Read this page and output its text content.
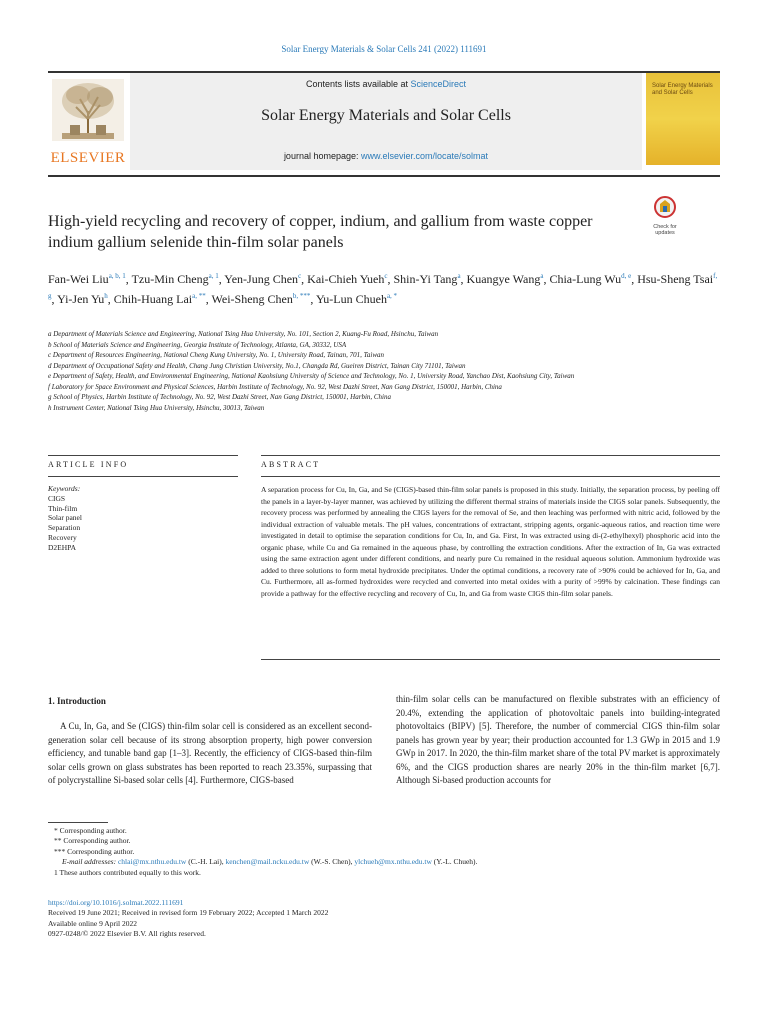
Solar Energy Materials & Solar Cells 241 (2022) 111691
ELSEVIER
Contents lists available at ScienceDirect
Solar Energy Materials and Solar Cells
journal homepage: www.elsevier.com/locate/solmat
Solar Energy Materials and Solar Cells
High-yield recycling and recovery of copper, indium, and gallium from waste copper indium gallium selenide thin-film solar panels
Check for updates
Fan-Wei Liu$^{a, b, 1}$, Tzu-Min Cheng$^{a, 1}$, Yen-Jung Chen$^c$, Kai-Chieh Yueh$^c$, Shin-Yi Tang$^a$, Kuangye Wang$^a$, Chia-Lung Wu$^{d, e}$, Hsu-Sheng Tsai$^{f, g}$, Yi-Jen Yu$^h$, Chih-Huang Lai$^{a, **}$, Wei-Sheng Chen$^{b, ***}$, Yu-Lun Chueh$^{a, *}$
a Department of Materials Science and Engineering, National Tsing Hua University, No. 101, Section 2, Kuang-Fu Road, Hsinchu, Taiwan
b School of Materials Science and Engineering, Georgia Institute of Technology, Atlanta, GA, 30332, USA
c Department of Resources Engineering, National Cheng Kung University, No. 1, University Road, Tainan, 701, Taiwan
d Department of Occupational Safety and Health, Chang Jung Christian University, No.1, Changda Rd, Gueiren District, Tainan City 71101, Taiwan
e Department of Safety, Health, and Environmental Engineering, National Kaohsiung University of Science and Technology, No. 1, University Road, Yanchao Dist, Kaohsiung City, Taiwan
f Laboratory for Space Environment and Physical Sciences, Harbin Institute of Technology, No. 92, West Dazhi Street, Nan Gang District, 150001, Harbin, China
g School of Physics, Harbin Institute of Technology, No. 92, West Dazhi Street, Nan Gang District, 150001, Harbin, China
h Instrument Center, National Tsing Hua University, Hsinchu, 30013, Taiwan
ARTICLE INFO	ABSTRACT
Keywords:
CIGS
Thin-film
Solar panel
Separation
Recovery
D2EHPA
A separation process for Cu, In, Ga, and Se (CIGS)-based thin-film solar panels is proposed in this study. Initially, the separation process, by peeling off the panels in a layer-by-layer manner, was achieved by utilizing the different thermal strains of materials inside the CIGS solar panels. Subsequently, the recovery process was performed by annealing the CIGS layers for the removal of Se, and then leaching was performed with nitric acid, followed by the individual extraction of valuable metals. The pH values, concentrations of extractant, stripping agents, organic-aqueous ratios, and reaction time were investigated in detail to optimise the separation conditions for Cu, In, and Ga. First, In was extracted using di-(2-ethylhexyl) phosphoric acid into the organic phase, while Cu and Ga remained in the aqueous phase, by controlling the extraction conditions. After the extraction of In, Ga was extracted using the same extraction agent under different conditions, and nearly pure Cu remained in the residual aqueous solution. Ammonium hydroxide was added to three solutions to form metal hydroxide precipitates. Under the optimal conditions, a recovery rate of >90% could be achieved for In, Ga, and Cu. Furthermore, all as-formed hydroxides were recycled and converted into metal oxides with a purity of >99% by calcination. These findings can provide a pathway for the effective recycling and recovery of Cu, In, and Ga from waste CIGS thin-film solar panels.
1. Introduction
A Cu, In, Ga, and Se (CIGS) thin-film solar cell is considered as an excellent second-generation solar cell because of its strong absorption property, high power conversion efficiency, and tunable band gap [1–3]. Recently, the efficiency of CIGS-based thin-film solar cells grown on glass substrates has been reported to reach 23.35%, surpassing that of polycrystalline Si-based solar cells [4]. Furthermore, CIGS-based
thin-film solar cells can be manufactured on flexible substrates with an efficiency of 20.4%, extending the application of photovoltaic panels into building-integrated photovoltaics (BIPV) [5]. Therefore, the number of commercial CIGS thin-film solar panels has grown year by year; their production accounted for 1.3 GWp in 2015 and 1.9 GWp in 2017. In 2020, the thin-film market share of the total PV market is approximately 6%, and the CIGS production shares are nearly 20% in the thin-film market [6,7]. Although Si-based production accounts for
* Corresponding author.
** Corresponding author.
*** Corresponding author.
E-mail addresses: chlai@mx.nthu.edu.tw (C.-H. Lai), kenchen@mail.ncku.edu.tw (W.-S. Chen), ylchueh@mx.nthu.edu.tw (Y.-L. Chueh).
1 These authors contributed equally to this work.
https://doi.org/10.1016/j.solmat.2022.111691
Received 19 June 2021; Received in revised form 19 February 2022; Accepted 1 March 2022
Available online 9 April 2022
0927-0248/© 2022 Elsevier B.V. All rights reserved.
